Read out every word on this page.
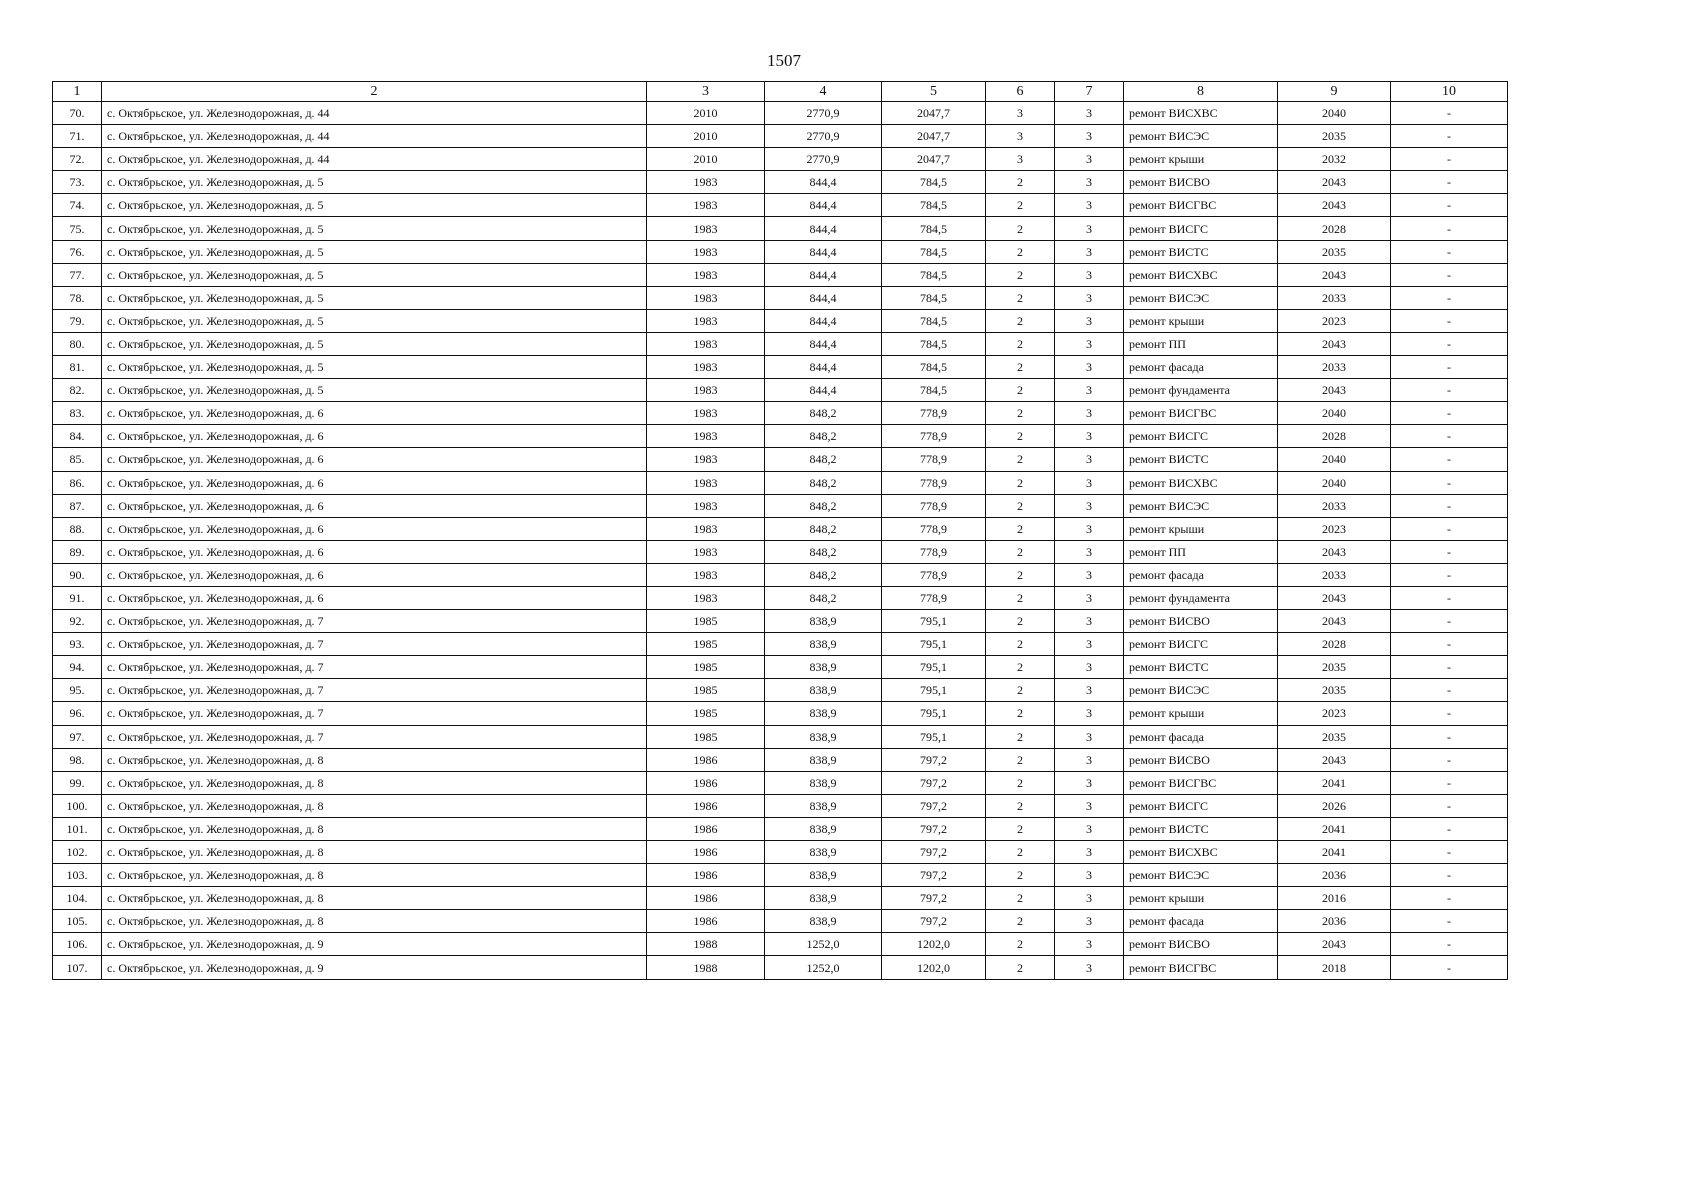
1507
1	2	3	4	5	6	7	8	9	10
70.	с. Октябрьское, ул. Железнодорожная, д. 44	2010	2770,9	2047,7	3	3	ремонт ВИСХВС	2040	-
71.	с. Октябрьское, ул. Железнодорожная, д. 44	2010	2770,9	2047,7	3	3	ремонт ВИСЭС	2035	-
72.	с. Октябрьское, ул. Железнодорожная, д. 44	2010	2770,9	2047,7	3	3	ремонт крыши	2032	-
73.	с. Октябрьское, ул. Железнодорожная, д. 5	1983	844,4	784,5	2	3	ремонт ВИСВО	2043	-
74.	с. Октябрьское, ул. Железнодорожная, д. 5	1983	844,4	784,5	2	3	ремонт ВИСГВС	2043	-
75.	с. Октябрьское, ул. Железнодорожная, д. 5	1983	844,4	784,5	2	3	ремонт ВИСГС	2028	-
76.	с. Октябрьское, ул. Железнодорожная, д. 5	1983	844,4	784,5	2	3	ремонт ВИСТС	2035	-
77.	с. Октябрьское, ул. Железнодорожная, д. 5	1983	844,4	784,5	2	3	ремонт ВИСХВС	2043	-
78.	с. Октябрьское, ул. Железнодорожная, д. 5	1983	844,4	784,5	2	3	ремонт ВИСЭС	2033	-
79.	с. Октябрьское, ул. Железнодорожная, д. 5	1983	844,4	784,5	2	3	ремонт крыши	2023	-
80.	с. Октябрьское, ул. Железнодорожная, д. 5	1983	844,4	784,5	2	3	ремонт ПП	2043	-
81.	с. Октябрьское, ул. Железнодорожная, д. 5	1983	844,4	784,5	2	3	ремонт фасада	2033	-
82.	с. Октябрьское, ул. Железнодорожная, д. 5	1983	844,4	784,5	2	3	ремонт фундамента	2043	-
83.	с. Октябрьское, ул. Железнодорожная, д. 6	1983	848,2	778,9	2	3	ремонт ВИСГВС	2040	-
84.	с. Октябрьское, ул. Железнодорожная, д. 6	1983	848,2	778,9	2	3	ремонт ВИСГС	2028	-
85.	с. Октябрьское, ул. Железнодорожная, д. 6	1983	848,2	778,9	2	3	ремонт ВИСТС	2040	-
86.	с. Октябрьское, ул. Железнодорожная, д. 6	1983	848,2	778,9	2	3	ремонт ВИСХВС	2040	-
87.	с. Октябрьское, ул. Железнодорожная, д. 6	1983	848,2	778,9	2	3	ремонт ВИСЭС	2033	-
88.	с. Октябрьское, ул. Железнодорожная, д. 6	1983	848,2	778,9	2	3	ремонт крыши	2023	-
89.	с. Октябрьское, ул. Железнодорожная, д. 6	1983	848,2	778,9	2	3	ремонт ПП	2043	-
90.	с. Октябрьское, ул. Железнодорожная, д. 6	1983	848,2	778,9	2	3	ремонт фасада	2033	-
91.	с. Октябрьское, ул. Железнодорожная, д. 6	1983	848,2	778,9	2	3	ремонт фундамента	2043	-
92.	с. Октябрьское, ул. Железнодорожная, д. 7	1985	838,9	795,1	2	3	ремонт ВИСВО	2043	-
93.	с. Октябрьское, ул. Железнодорожная, д. 7	1985	838,9	795,1	2	3	ремонт ВИСГС	2028	-
94.	с. Октябрьское, ул. Железнодорожная, д. 7	1985	838,9	795,1	2	3	ремонт ВИСТС	2035	-
95.	с. Октябрьское, ул. Железнодорожная, д. 7	1985	838,9	795,1	2	3	ремонт ВИСЭС	2035	-
96.	с. Октябрьское, ул. Железнодорожная, д. 7	1985	838,9	795,1	2	3	ремонт крыши	2023	-
97.	с. Октябрьское, ул. Железнодорожная, д. 7	1985	838,9	795,1	2	3	ремонт фасада	2035	-
98.	с. Октябрьское, ул. Железнодорожная, д. 8	1986	838,9	797,2	2	3	ремонт ВИСВО	2043	-
99.	с. Октябрьское, ул. Железнодорожная, д. 8	1986	838,9	797,2	2	3	ремонт ВИСГВС	2041	-
100.	с. Октябрьское, ул. Железнодорожная, д. 8	1986	838,9	797,2	2	3	ремонт ВИСГС	2026	-
101.	с. Октябрьское, ул. Железнодорожная, д. 8	1986	838,9	797,2	2	3	ремонт ВИСТС	2041	-
102.	с. Октябрьское, ул. Железнодорожная, д. 8	1986	838,9	797,2	2	3	ремонт ВИСХВС	2041	-
103.	с. Октябрьское, ул. Железнодорожная, д. 8	1986	838,9	797,2	2	3	ремонт ВИСЭС	2036	-
104.	с. Октябрьское, ул. Железнодорожная, д. 8	1986	838,9	797,2	2	3	ремонт крыши	2016	-
105.	с. Октябрьское, ул. Железнодорожная, д. 8	1986	838,9	797,2	2	3	ремонт фасада	2036	-
106.	с. Октябрьское, ул. Железнодорожная, д. 9	1988	1252,0	1202,0	2	3	ремонт ВИСВО	2043	-
107.	с. Октябрьское, ул. Железнодорожная, д. 9	1988	1252,0	1202,0	2	3	ремонт ВИСГВС	2018	-
